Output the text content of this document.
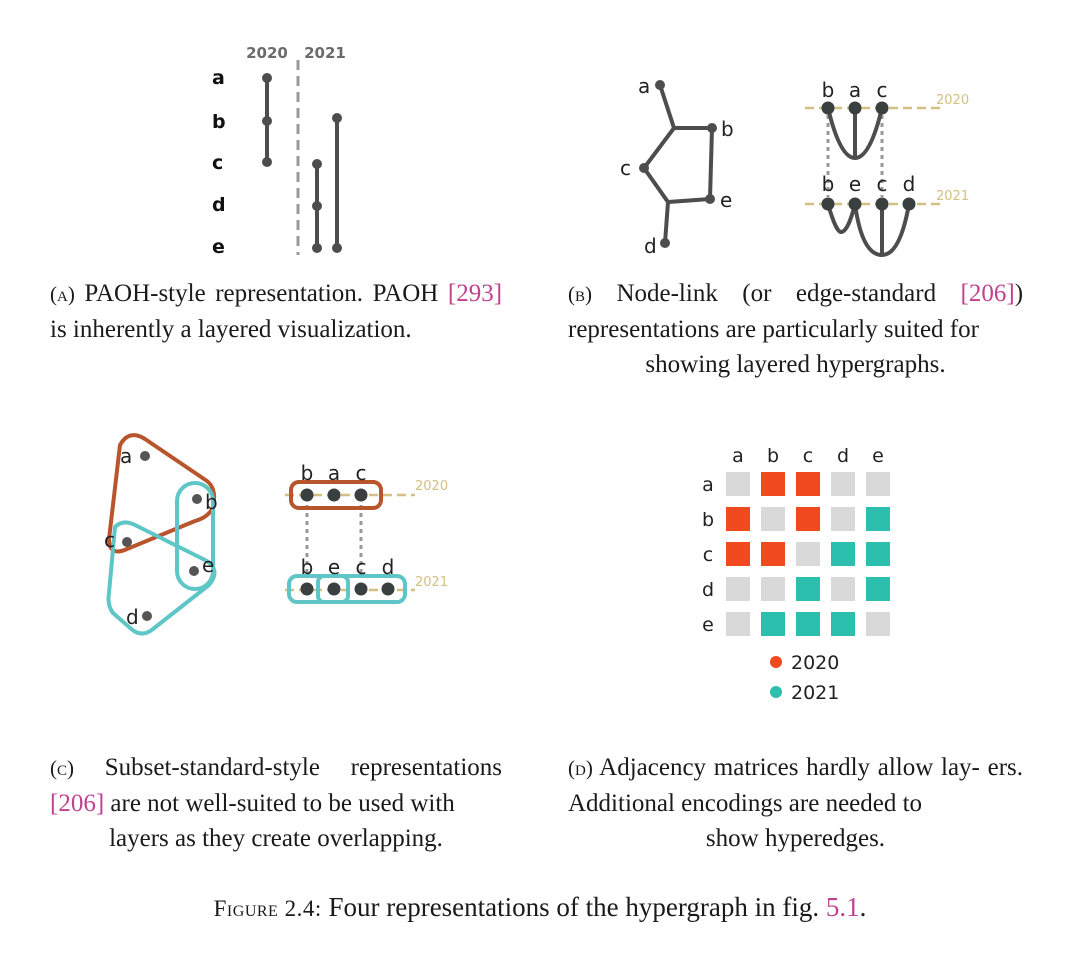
2020 2021
a
b
c
d
e
(a) PAOH-style representation. PAOH [293] is inherently a layered visualization.
a
b
c
e
d
2020
2021
b a c
b e c d
(b) Node-link (or edge-standard [206]) representations are particularly suited for
showing layered hypergraphs.
a
b
c
e
d
2020
2021
b a c
b e c d
(c) Subset-standard-style representations [206] are not well-suited to be used with
layers as they create overlapping.
a
a
b
b
c
c
d
d
e
e
2020
2021
(d) Adjacency matrices hardly allow lay- ers. Additional encodings are needed to
show hyperedges.
Figure 2.4: Four representations of the hypergraph in fig. 5.1.
